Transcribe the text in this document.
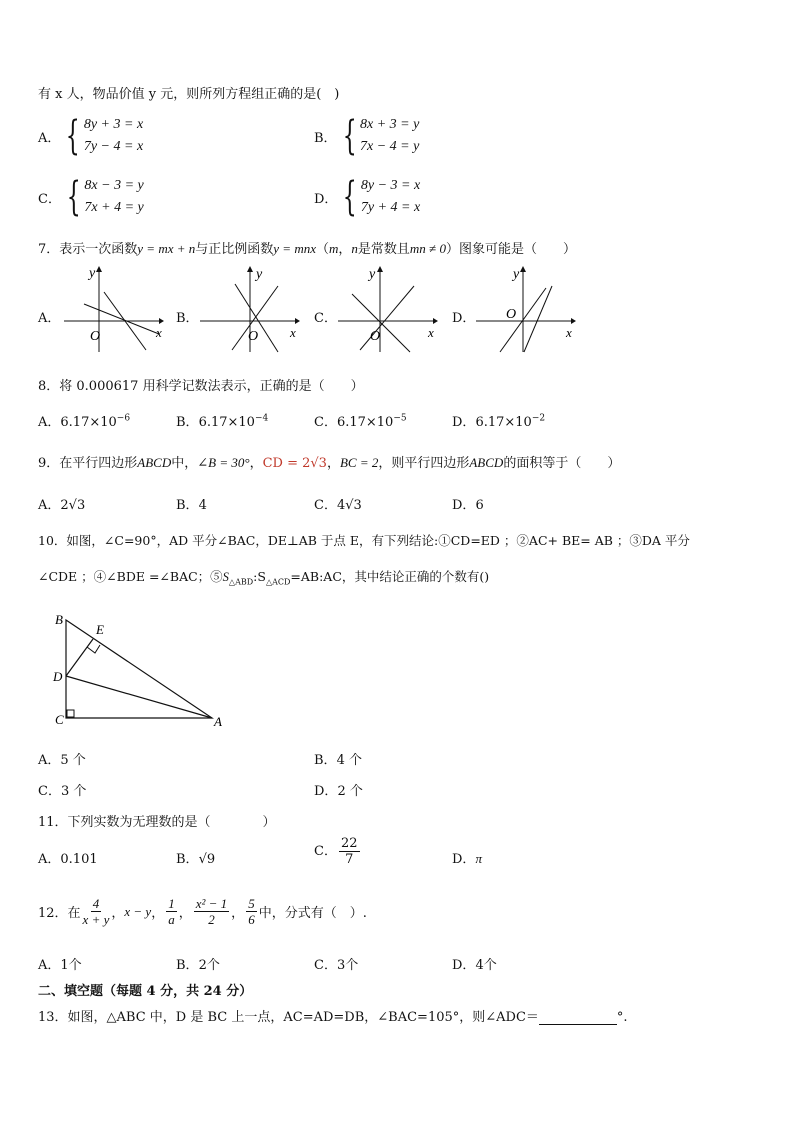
有 x 人，物品价值 y 元，则所列方程组正确的是(　)
A． { 8y + 3 = x
7y − 4 = x
B． { 8x + 3 = y
7x − 4 = y
C． { 8x − 3 = y
7x + 4 = y
D． { 8y − 3 = x
7y + 4 = x
7．表示一次函数y = mx + n与正比例函数y = mnx（m，n是常数且mn ≠ 0）图象可能是（　　）
A．
y
x
O
B．
y
x
O
C．
y
x
O
D．
y
x
O
8．将 0.000617 用科学记数法表示，正确的是（　　）
A．$6.17\times 10^{-6}$	B．$6.17\times 10^{-4}$	C．$6.17\times 10^{-5}$	D．$6.17\times 10^{-2}$
9．在平行四边形ABCD中，∠B = 30°，CD = 2√3，BC = 2，则平行四边形ABCD的面积等于（　　）
A．2√3	B．4	C．4√3	D．6
10．如图，∠C=90°，AD 平分∠BAC，DE⊥AB 于点 E，有下列结论:①CD=ED ；②AC+ BE= AB ；③DA 平分
∠CDE ；④∠BDE =∠BAC；$⑤S_{\triangle ABD}:S_{\triangle ACD}=AB:AC$，其中结论正确的个数有()
B
E
D
C	A
A．5 个	B．4 个
C．3 个	D．2 个
11．下列实数为无理数的是（　　　　）
A．0.101	B．√9
C． $\frac{22}{7}$	D．π
12．在 $\frac{4}{x + y}$ ， x − y ， $\frac{1}{a}$ ， $\frac{\text{x² − 1}}{2}$ ， $\frac{5}{6}$ 中，分式有（　）.
A．1个	B．2个	C．3个	D．4个
二、填空题（每题 4 分，共 24 分）
13．如图，△ABC 中，D 是 BC 上一点，AC=AD=DB，∠BAC=105°，则∠ADC＝	°.
